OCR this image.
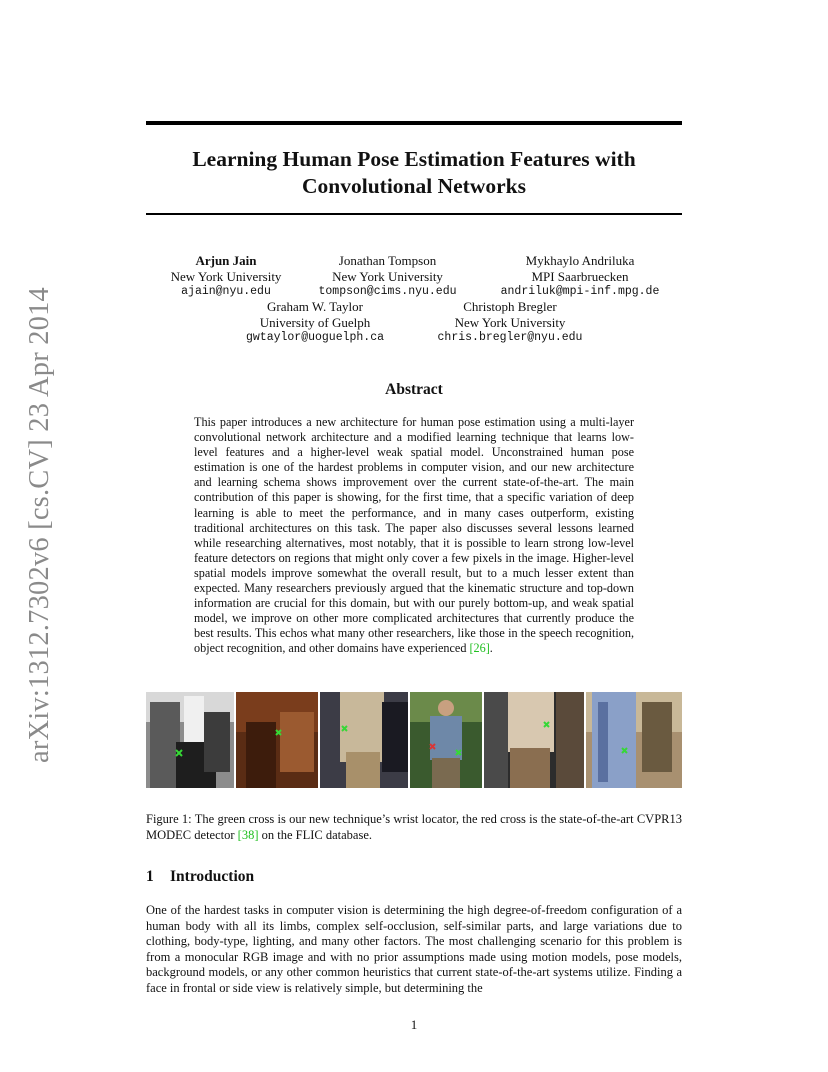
arXiv:1312.7302v6 [cs.CV] 23 Apr 2014
Learning Human Pose Estimation Features with
Convolutional Networks
Arjun Jain
New York University
ajain@nyu.edu
Jonathan Tompson
New York University
tompson@cims.nyu.edu
Mykhaylo Andriluka
MPI Saarbruecken
andriluk@mpi-inf.mpg.de
Graham W. Taylor
University of Guelph
gwtaylor@uoguelph.ca
Christoph Bregler
New York University
chris.bregler@nyu.edu
Abstract
This paper introduces a new architecture for human pose estimation using a multi-layer convolutional network architecture and a modified learning technique that learns low-level features and a higher-level weak spatial model. Unconstrained human pose estimation is one of the hardest problems in computer vision, and our new architecture and learning schema shows improvement over the current state-of-the-art. The main contribution of this paper is showing, for the first time, that a specific variation of deep learning is able to meet the performance, and in many cases outperform, existing traditional architectures on this task. The paper also discusses several lessons learned while researching alternatives, most notably, that it is possible to learn strong low-level feature detectors on regions that might only cover a few pixels in the image. Higher-level spatial models improve somewhat the overall result, but to a much lesser extent than expected. Many researchers previously argued that the kinematic structure and top-down information are crucial for this domain, but with our purely bottom-up, and weak spatial model, we improve on other more complicated architectures that currently produce the best results. This echos what many other researchers, like those in the speech recognition, object recognition, and other domains have experienced [26].
Figure 1: The green cross is our new technique’s wrist locator, the red cross is the state-of-the-art CVPR13 MODEC detector [38] on the FLIC database.
1 Introduction
One of the hardest tasks in computer vision is determining the high degree-of-freedom configuration of a human body with all its limbs, complex self-occlusion, self-similar parts, and large variations due to clothing, body-type, lighting, and many other factors. The most challenging scenario for this problem is from a monocular RGB image and with no prior assumptions made using motion models, pose models, background models, or any other common heuristics that current state-of-the-art systems utilize. Finding a face in frontal or side view is relatively simple, but determining the
1
